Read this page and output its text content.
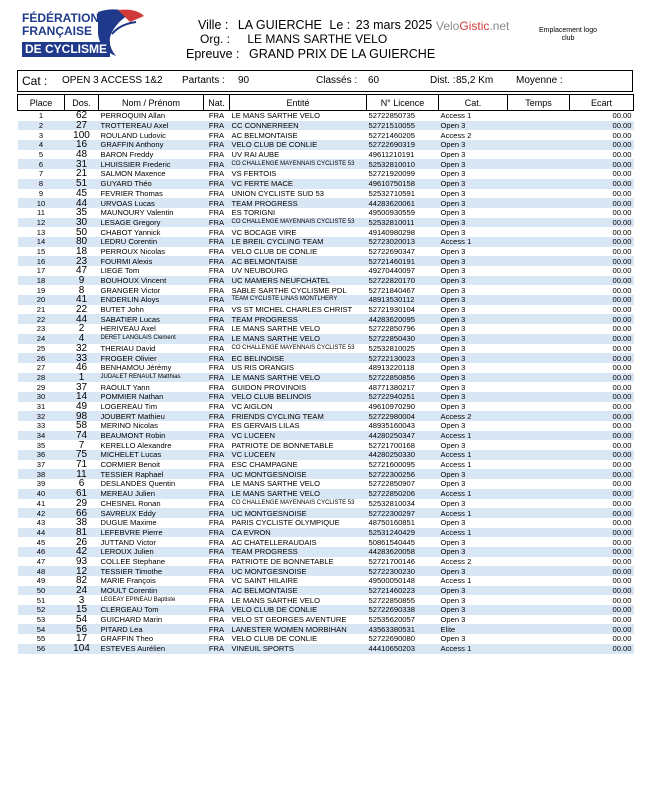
FÉDÉRATION
FRANÇAISE
DE CYCLISME
Ville : LA GUIERCHE Le : 23 mars 2025 VeloGistic.net	Emplacement logo club
Org. : LE MANS SARTHE VELO
Epreuve : GRAND PRIX DE LA GUIERCHE
Cat : OPEN 3 ACCESS 1&2 Partants : 90	Classés : 60	Dist. : 85,2 Km Moyenne :
Place	Dos.	Nom / Prénom	Nat.	Entité	N° Licence	Cat.	Temps	Ecart
1	62	PERROQUIN Allan	FRA	LE MANS SARTHE VELO	52722850735	Access 1		00.00
2	27	TROTTEREAU Axel	FRA	CC CONNERREEN	52721510055	Open 3		00.00
3	100	ROULAND Ludovic	FRA	AC BELMONTAISE	52721460205	Access 2		00.00
4	16	GRAFFIN Anthony	FRA	VELO CLUB DE CONLIE	52722690319	Open 3		00.00
5	48	BARON Freddy	FRA	UV RAI AUBE	49611210191	Open 3		00.00
6	31	LHUISSIER Frederic	FRA	CO CHALLENGE MAYENNAIS CYCLISTE 53	52532810010	Open 3		00.00
7	21	SALMON Maxence	FRA	VS FERTOIS	52721920099	Open 3		00.00
8	51	GUYARD Théo	FRA	VC FERTE MACE	49610750158	Open 3		00.00
9	45	FEVRIER Thomas	FRA	UNION CYCLISTE SUD 53	52532710591	Open 3		00.00
10	44	URVOAS Lucas	FRA	TEAM PROGRESS	44283620061	Open 3		00.00
11	35	MAUNOURY Valentin	FRA	ES TORIGNI	49500930559	Open 3		00.00
12	30	LESAGE Gregory	FRA	CO CHALLENGE MAYENNAIS CYCLISTE 53	52532810011	Open 3		00.00
13	50	CHABOT Yannick	FRA	VC BOCAGE VIRE	49140980298	Open 3		00.00
14	80	LEDRU Corentin	FRA	LE BREIL CYCLING TEAM	52723020013	Access 1		00.00
15	18	PERROUX Nicolas	FRA	VELO CLUB DE CONLIE	52722690347	Open 3		00.00
16	23	FOURMI Alexis	FRA	AC BELMONTAISE	52721460191	Open 3		00.00
17	47	LIEGE Tom	FRA	UV NEUBOURG	49270440097	Open 3		00.00
18	9	BOUHOUX Vincent	FRA	UC MAMERS NEUFCHATEL	52722820170	Open 3		00.00
19	8	GRANGER Victor	FRA	SABLE SARTHE CYCLISME PDL	52721840467	Open 3		00.00
20	41	ENDERLIN Aloys	FRA	TEAM CYCLISTE LINAS MONTLHERY	48913530112	Open 3		00.00
21	22	BUTET John	FRA	VS ST MICHEL CHARLES CHRIST	52721930104	Open 3		00.00
22	44	SABATIER Lucas	FRA	TEAM PROGRESS	44283620095	Open 3		00.00
23	2	HERIVEAU Axel	FRA	LE MANS SARTHE VELO	52722850796	Open 3		00.00
24	4	DERET LANGLAIS Clement	FRA	LE MANS SARTHE VELO	52722850430	Open 3		00.00
25	32	THERIAU David	FRA	CO CHALLENGE MAYENNAIS CYCLISTE 53	52532810025	Open 3		00.00
26	33	FROGER Olivier	FRA	EC BELINOISE	52722130023	Open 3		00.00
27	46	BENHAMOU Jérémy	FRA	US RIS ORANGIS	48913220118	Open 3		00.00
28	1	JUDALET RENAULT Matthias	FRA	LE MANS SARTHE VELO	52722850856	Open 3		00.00
29	37	RAOULT Yann	FRA	GUIDON PROVINOIS	48771380217	Open 3		00.00
30	14	POMMIER Nathan	FRA	VELO CLUB BELINOIS	52722940251	Open 3		00.00
31	49	LOGEREAU Tim	FRA	VC AIGLON	49610970290	Open 3		00.00
32	98	JOUBERT Mathieu	FRA	FRIENDS CYCLING TEAM	52722980004	Access 2		00.00
33	58	MERINO Nicolas	FRA	ES GERVAIS LILAS	48935160043	Open 3		00.00
34	74	BEAUMONT Robin	FRA	VC LUCEEN	44280250347	Access 1		00.00
35	7	KERELLO Alexandre	FRA	PATRIOTE DE BONNETABLE	52721700168	Open 3		00.00
36	75	MICHELET Lucas	FRA	VC LUCEEN	44280250330	Access 1		00.00
37	71	CORMIER Benoit	FRA	ESC CHAMPAGNE	52721600095	Access 1		00.00
38	11	TESSIER Raphael	FRA	UC MONTGESNOISE	52722300256	Open 3		00.00
39	6	DESLANDES Quentin	FRA	LE MANS SARTHE VELO	52722850907	Open 3		00.00
40	61	MEREAU Julien	FRA	LE MANS SARTHE VELO	52722850206	Access 1		00.00
41	29	CHESNEL Ronan	FRA	CO CHALLENGE MAYENNAIS CYCLISTE 53	52532810034	Open 3		00.00
42	66	SAVREUX Eddy	FRA	UC MONTGESNOISE	52722300297	Access 1		00.00
43	38	DUGUE Maxime	FRA	PARIS CYCLISTE OLYMPIQUE	48750160851	Open 3		00.00
44	81	LEFEBVRE Pierre	FRA	CA EVRON	52531240429	Access 1		00.00
45	26	JUTTAND Victor	FRA	AC CHATELLERAUDAIS	50861540445	Open 3		00.00
46	42	LEROUX Julien	FRA	TEAM PROGRESS	44283620058	Open 3		00.00
47	93	COLLEE Stephane	FRA	PATRIOTE DE BONNETABLE	52721700146	Access 2		00.00
48	12	TESSIER Timothe	FRA	UC MONTGESNOISE	52722300230	Open 3		00.00
49	82	MARIE François	FRA	VC SAINT HILAIRE	49500050148	Access 1		00.00
50	24	MOULT Corentin	FRA	AC BELMONTAISE	52721460223	Open 3		00.00
51	3	LEGEAY EPINEAU Baptiste	FRA	LE MANS SARTHE VELO	52722850855	Open 3		00.00
52	15	CLERGEAU Tom	FRA	VELO CLUB DE CONLIE	52722690338	Open 3		00.00
53	54	GUICHARD Marin	FRA	VELO ST GEORGES AVENTURE	52535620057	Open 3		00.00
54	56	PITARD Lea	FRA	LANESTER WOMEN MORBIHAN	43563380531	Elite		00.00
55	17	GRAFFIN Theo	FRA	VELO CLUB DE CONLIE	52722690080	Open 3		00.00
56	104	ESTEVES Aurélien	FRA	VINEUIL SPORTS	44410650203	Access 1		00.00
